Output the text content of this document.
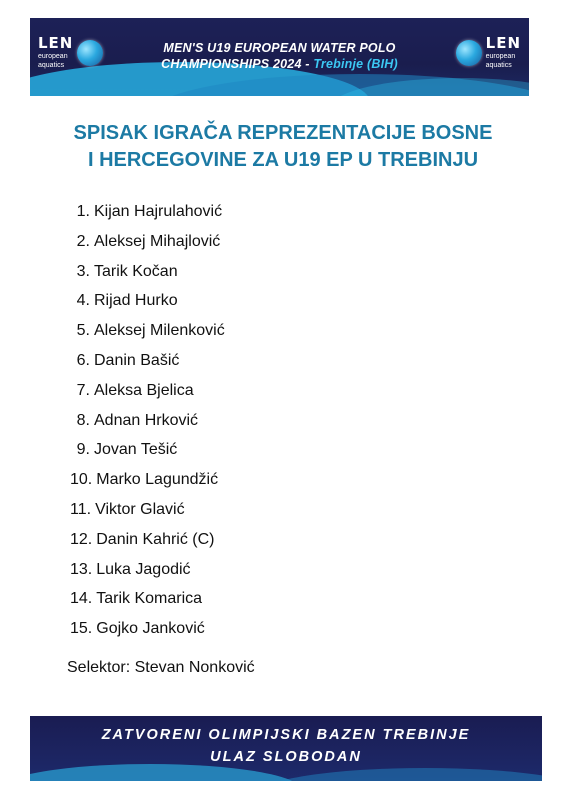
LEN
european
aquatics
MEN'S U19 EUROPEAN WATER POLO
CHAMPIONSHIPS 2024 - Trebinje (BIH)
LEN
european
aquatics
SPISAK IGRAČA REPREZENTACIJE BOSNE
I HERCEGOVINE ZA U19 EP U TREBINJU
1. Kijan Hajrulahović
2. Aleksej Mihajlović
3. Tarik Kočan
4. Rijad Hurko
5. Aleksej Milenković
6. Danin Bašić
7. Aleksa Bjelica
8. Adnan Hrković
9. Jovan Tešić
10. Marko Lagundžić
11. Viktor Glavić
12. Danin Kahrić (C)
13. Luka Jagodić
14. Tarik Komarica
15. Gojko Janković
Selektor: Stevan Nonković
ZATVORENI OLIMPIJSKI BAZEN TREBINJE
ULAZ SLOBODAN
